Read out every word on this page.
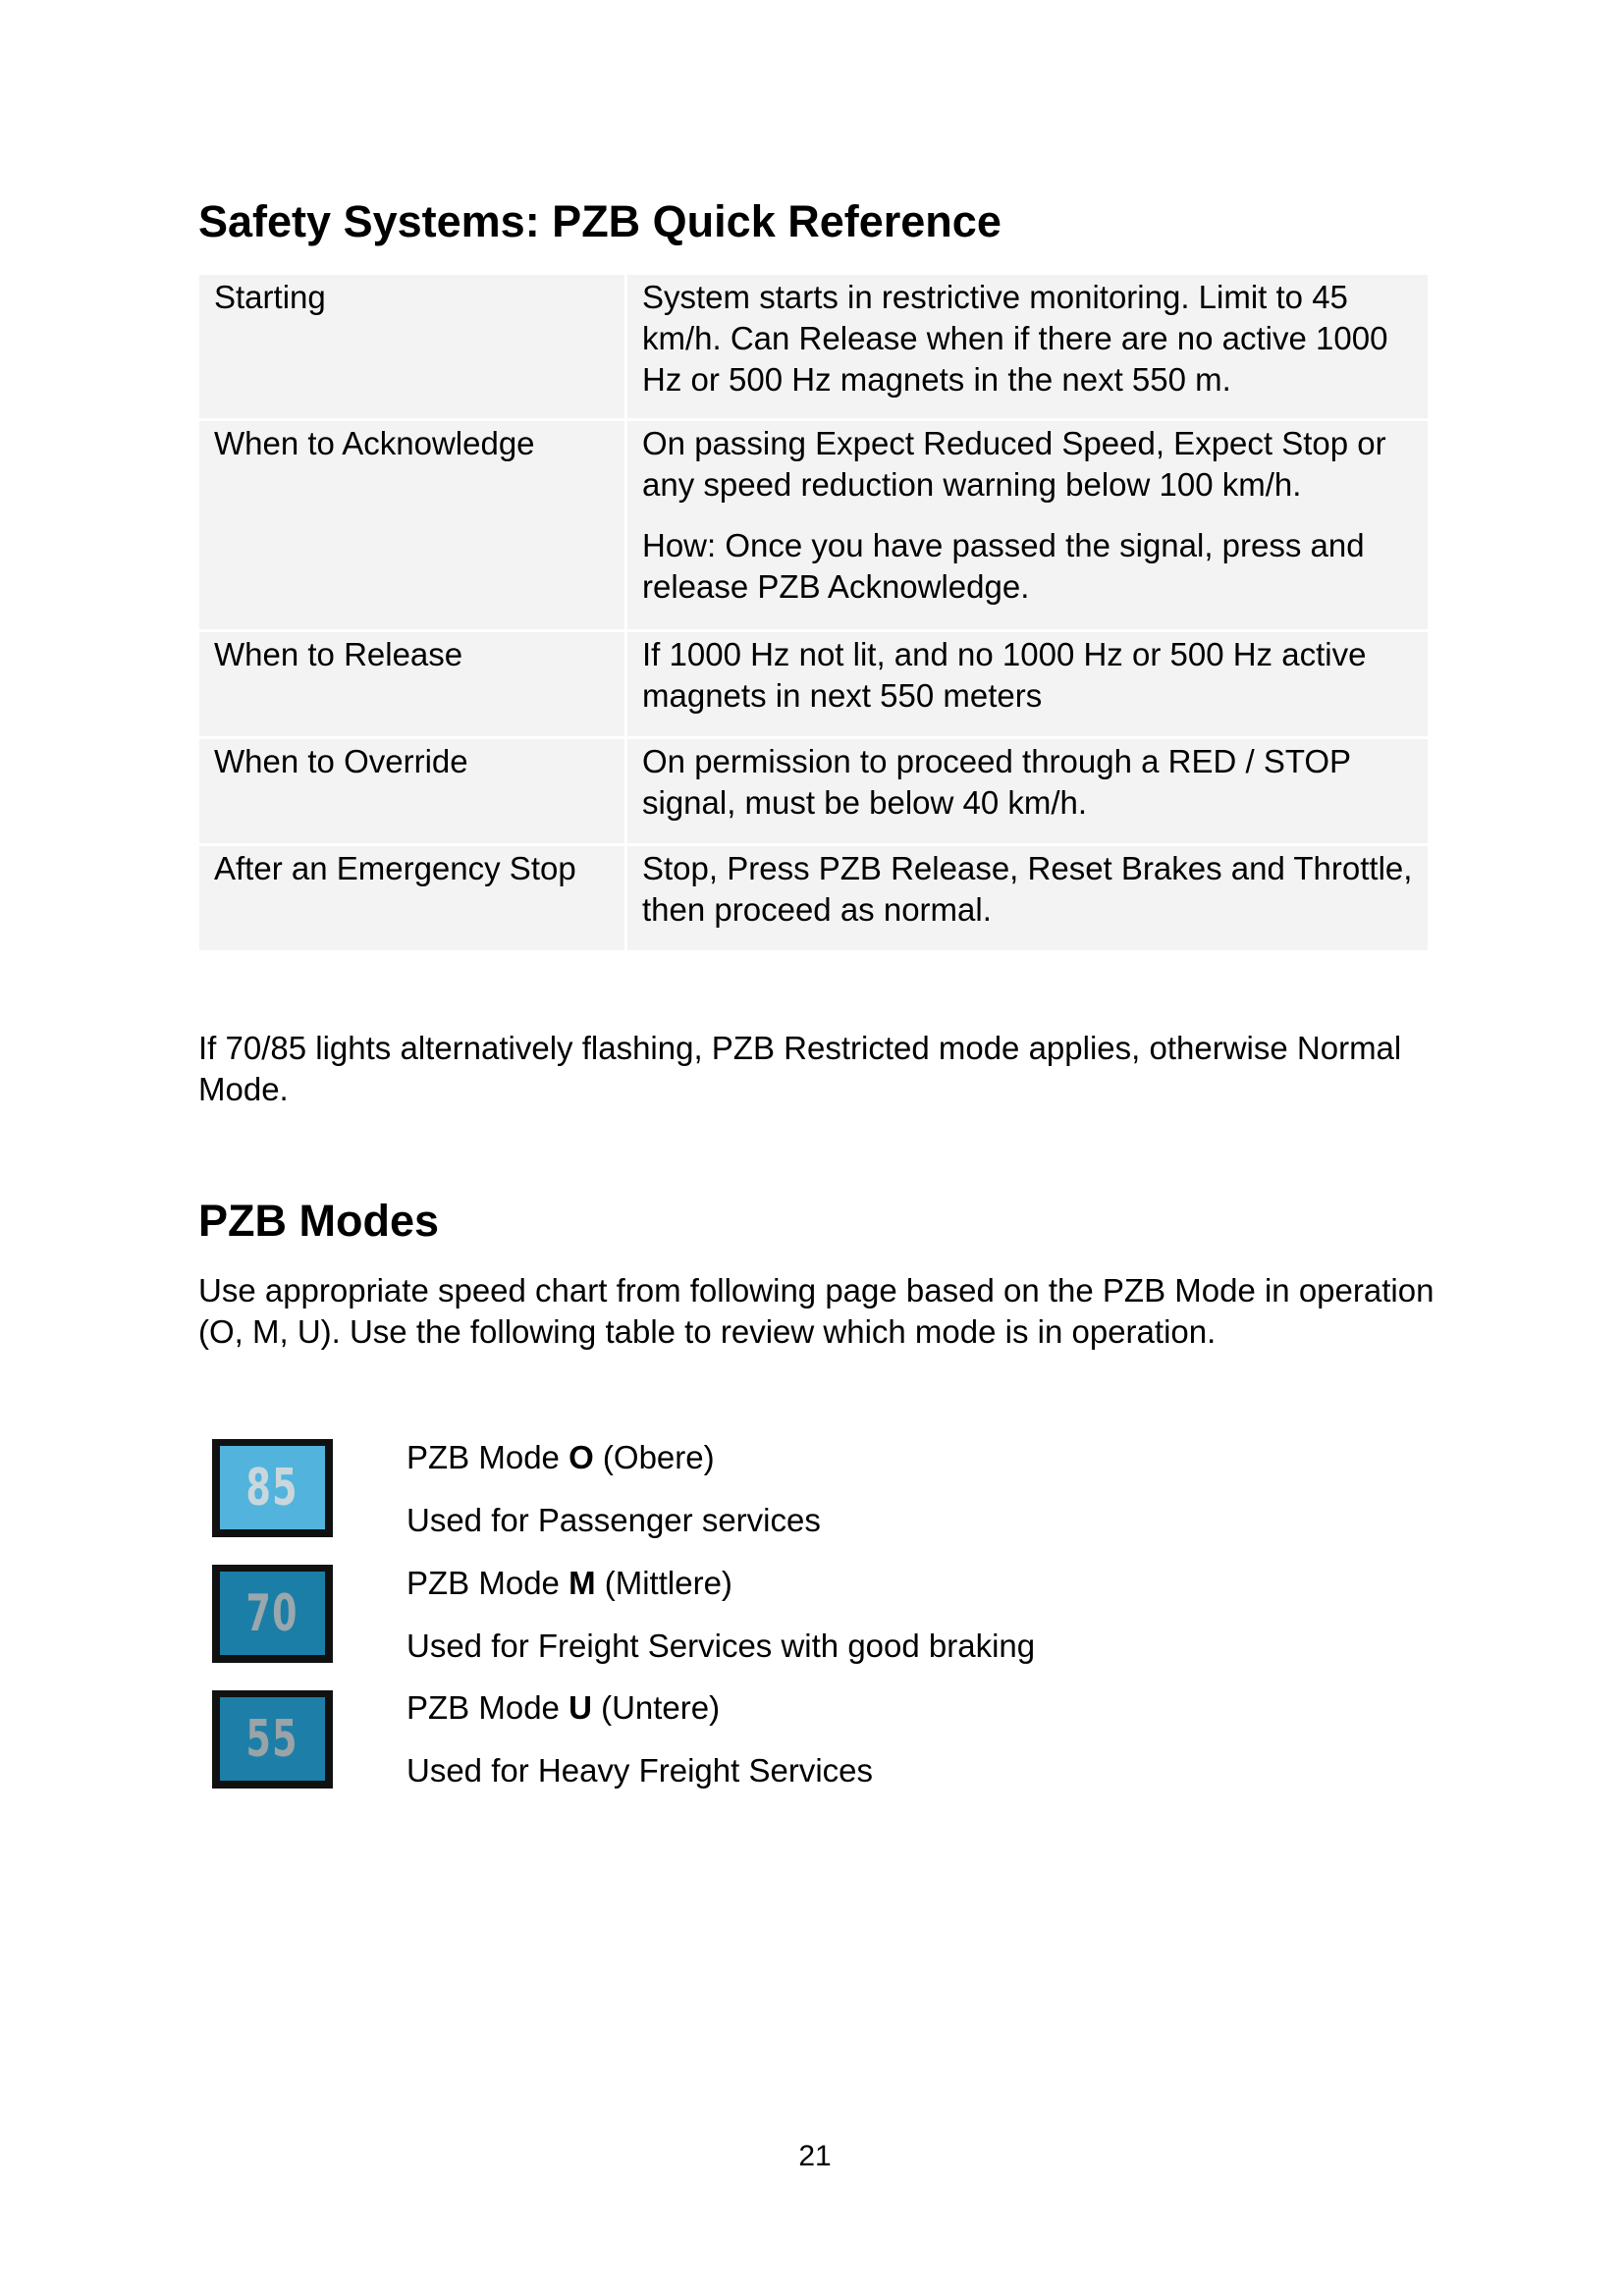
Safety Systems: PZB Quick Reference
Starting	System starts in restrictive monitoring. Limit to 45 km/h. Can Release when if there are no active 1000 Hz or 500 Hz magnets in the next 550 m.

When to Acknowledge	On passing Expect Reduced Speed, Expect Stop or any speed reduction warning below 100 km/h.

How: Once you have passed the signal, press and release PZB Acknowledge.

When to Release	If 1000 Hz not lit, and no 1000 Hz or 500 Hz active magnets in next 550 meters

When to Override	On permission to proceed through a RED / STOP signal, must be below 40 km/h.

After an Emergency Stop	Stop, Press PZB Release, Reset Brakes and Throttle, then proceed as normal.

If 70/85 lights alternatively flashing, PZB Restricted mode applies, otherwise Normal Mode.
PZB Modes
Use appropriate speed chart from following page based on the PZB Mode in operation (O, M, U). Use the following table to review which mode is in operation.
85
PZB Mode O (Obere)
Used for Passenger services
70
PZB Mode M (Mittlere)
Used for Freight Services with good braking
55
PZB Mode U (Untere)
Used for Heavy Freight Services
21
